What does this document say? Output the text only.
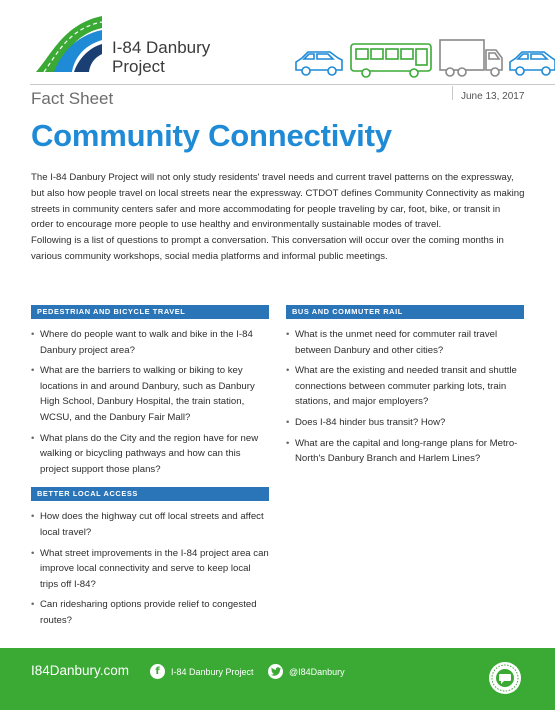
I-84 Danbury
Project
Fact Sheet	June 13, 2017
Community Connectivity

The I-84 Danbury Project will not only study residents' travel needs and current travel patterns on the expressway, but also how people travel on local streets near the expressway. CTDOT defines Community Connectivity as making streets in community centers safer and more accommodating for people traveling by car, foot, bike, or transit in order to encourage more people to use healthy and environmentally sustainable modes of travel.

Following is a list of questions to prompt a conversation. This conversation will occur over the coming months in various community workshops, social media platforms and informal public meetings.

PEDESTRIAN AND BICYCLE TRAVEL
• Where do people want to walk and bike in the I-84 Danbury project area?
• What are the barriers to walking or biking to key locations in and around Danbury, such as Danbury High School, Danbury Hospital, the train station, WCSU, and the Danbury Fair Mall?
• What plans do the City and the region have for new walking or bicycling pathways and how can this project support those plans?
BETTER LOCAL ACCESS
• How does the highway cut off local streets and affect local travel?
• What street improvements in the I-84 project area can improve local connectivity and serve to keep local trips off I-84?
• Can ridesharing options provide relief to congested routes?
BUS AND COMMUTER RAIL
• What is the unmet need for commuter rail travel between Danbury and other cities?
• What are the existing and needed transit and shuttle connections between commuter parking lots, train stations, and major employers?
• Does I-84 hinder bus transit? How?
• What are the capital and long-range plans for Metro-North's Danbury Branch and Harlem Lines?
I84Danbury.com	f	I-84 Danbury Project	@I84Danbury
